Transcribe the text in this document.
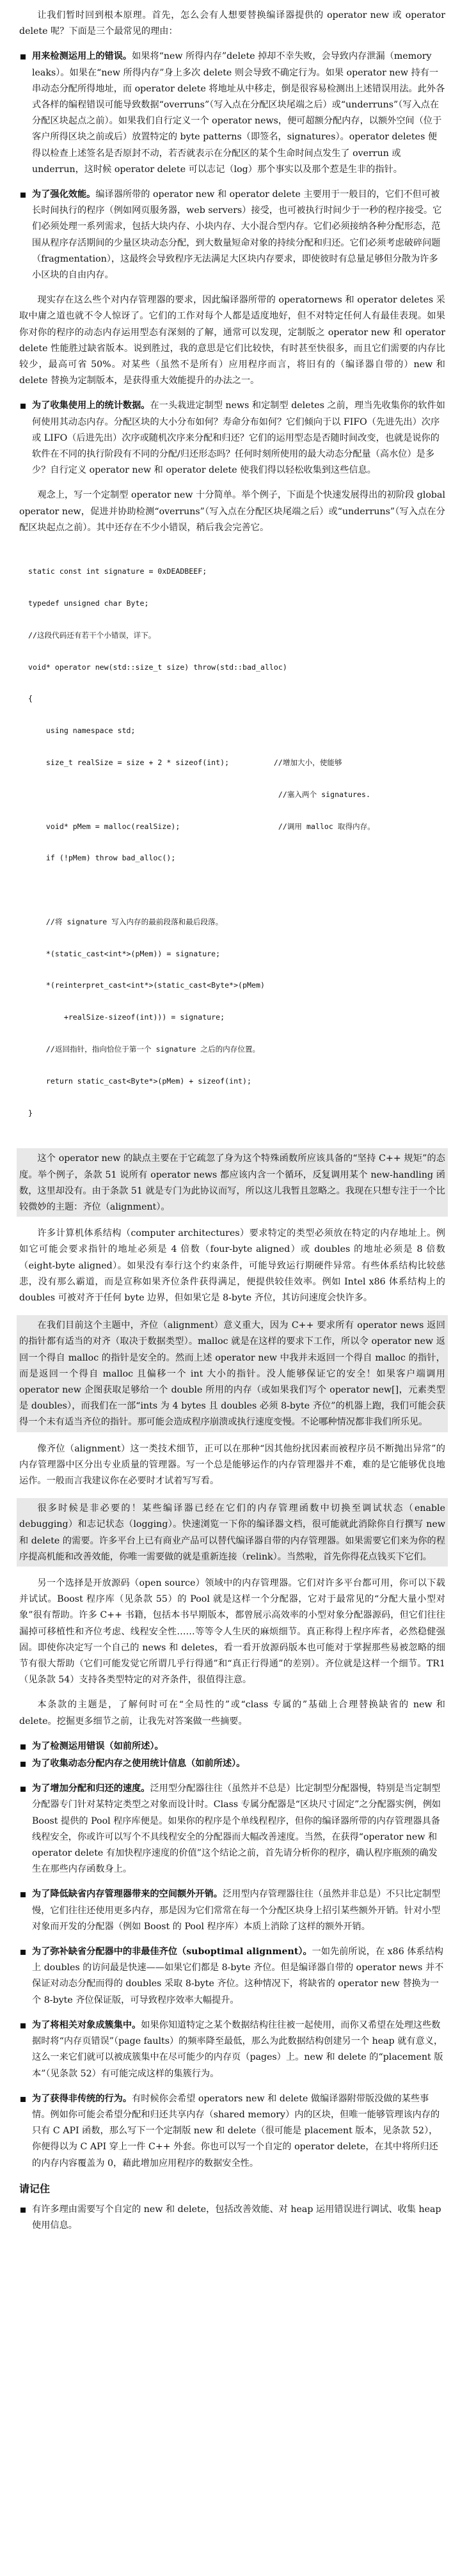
让我们暂时回到根本原理。首先，怎么会有人想要替换编译器提供的 operator new 或 operator delete 呢？下面是三个最常见的理由：

用来检测运用上的错误。如果将“new 所得内存”delete 掉却不幸失败，会导致内存泄漏（memory leaks）。如果在“new 所得内存”身上多次 delete 则会导致不确定行为。如果 operator new 持有一串动态分配所得地址，而 operator delete 将地址从中移走，倒是很容易检测出上述错误用法。此外各式各样的编程错误可能导致数据“overruns”（写入点在分配区块尾端之后）或“underruns”（写入点在分配区块起点之前）。如果我们自行定义一个 operator news，便可超额分配内存，以额外空间（位于客户所得区块之前或后）放置特定的 byte patterns（即签名，signatures）。operator deletes 便得以检查上述签名是否原封不动，若否就表示在分配区的某个生命时间点发生了 overrun 或 underrun，这时候 operator delete 可以志记（log）那个事实以及那个惹是生非的指针。
为了强化效能。编译器所带的 operator new 和 operator delete 主要用于一般目的，它们不但可被长时间执行的程序（例如网页服务器，web servers）接受，也可被执行时间少于一秒的程序接受。它们必须处理一系列需求，包括大块内存、小块内存、大小混合型内存。它们必须接纳各种分配形态，范围从程序存活期间的少量区块动态分配，到大数量短命对象的持续分配和归还。它们必须考虑破碎问题（fragmentation），这最终会导致程序无法满足大区块内存要求，即使彼时有总量足够但分散为许多小区块的自由内存。

现实存在这么些个对内存管理器的要求，因此编译器所带的 operatornews 和 operator deletes 采取中庸之道也就不令人惊讶了。它们的工作对每个人都是适度地好，但不对特定任何人有最佳表现。如果你对你的程序的动态内存运用型态有深刻的了解，通常可以发现，定制版之 operator new 和 operator delete 性能胜过缺省版本。说到胜过，我的意思是它们比较快，有时甚至快很多，而且它们需要的内存比较少，最高可省 50%。对某些（虽然不是所有）应用程序而言，将旧有的（编译器自带的）new 和 delete 替换为定制版本，是获得重大效能提升的办法之一。

为了收集使用上的统计数据。在一头栽进定制型 news 和定制型 deletes 之前，理当先收集你的软件如何使用其动态内存。分配区块的大小分布如何？寿命分布如何？它们倾向于以 FIFO（先进先出）次序或 LIFO（后进先出）次序或随机次序来分配和归还？它们的运用型态是否随时间改变，也就是说你的软件在不同的执行阶段有不同的分配/归还形态吗？任何时刻所使用的最大动态分配量（高水位）是多少？自行定义 operator new 和 operator delete 使我们得以轻松收集到这些信息。

观念上，写一个定制型 operator new 十分简单。举个例子，下面是个快速发展得出的初阶段 global operator new，促进并协助检测“overruns”（写入点在分配区块尾端之后）或“underruns”（写入点在分配区块起点之前）。其中还存在不少小错误，稍后我会完善它。

static const int signature = 0xDEADBEEF;

typedef unsigned char Byte;

//这段代码还有若干个小错误，详下。

void* operator new(std::size_t size) throw(std::bad_alloc)

{

using namespace std;

size_t realSize = size + 2 * sizeof(int);          //增加大小，使能够

//塞入两个 signatures.

void* pMem = malloc(realSize);                      //调用 malloc 取得内存。

if (!pMem) throw bad_alloc();

//将 signature 写入内存的最前段落和最后段落。

*(static_cast<int*>(pMem)) = signature;

*(reinterpret_cast<int*>(static_cast<Byte*>(pMem)

+realSize-sizeof(int))) = signature;

//返回指针，指向恰位于第一个 signature 之后的内存位置。

return static_cast<Byte*>(pMem) + sizeof(int);

}

这个 operator new 的缺点主要在于它疏忽了身为这个特殊函数所应该具备的“坚持 C++ 规矩”的态度。举个例子，条款 51 说所有 operator news 都应该内含一个循环，反复调用某个 new-handling 函数，这里却没有。由于条款 51 就是专门为此协议而写，所以这儿我暂且忽略之。我现在只想专注于一个比较微妙的主题：齐位（alignment）。

许多计算机体系结构（computer architectures）要求特定的类型必须放在特定的内存地址上。例如它可能会要求指针的地址必须是 4 倍数（four-byte aligned）或 doubles 的地址必须是 8 倍数（eight-byte aligned）。如果没有奉行这个约束条件，可能导致运行期硬件异常。有些体系结构比较慈悲，没有那么霸道，而是宣称如果齐位条件获得满足，便提供较佳效率。例如 Intel x86 体系结构上的 doubles 可被对齐于任何 byte 边界，但如果它是 8-byte 齐位，其访问速度会快许多。

在我们目前这个主题中，齐位（alignment）意义重大，因为 C++ 要求所有 operator news 返回的指针都有适当的对齐（取决于数据类型）。malloc 就是在这样的要求下工作，所以令 operator new 返回一个得自 malloc 的指针是安全的。然而上述 operator new 中我并未返回一个得自 malloc 的指针，而是返回一个得自 malloc 且偏移一个 int 大小的指针。没人能够保证它的安全！如果客户端调用 operator new 企图获取足够给一个 double 所用的内存（或如果我们写个 operator new[]，元素类型是 doubles），而我们在一部“ints 为 4 bytes 且 doubles 必须 8-byte 齐位”的机器上跑，我们可能会获得一个未有适当齐位的指针。那可能会造成程序崩溃或执行速度变慢。不论哪种情况都非我们所乐见。

像齐位（alignment）这一类技术细节，正可以在那种“因其他纷扰因素而被程序员不断抛出异常”的内存管理器中区分出专业质量的管理器。写一个总是能够运作的内存管理器并不难，难的是它能够优良地运作。一般而言我建议你在必要时才试着写写看。

很多时候是非必要的！某些编译器已经在它们的内存管理函数中切换至调试状态（enable debugging）和志记状态（logging）。快速浏览一下你的编译器文档，很可能就此消除你自行撰写 new 和 delete 的需要。许多平台上已有商业产品可以替代编译器自带的内存管理器。如果需要它们来为你的程序提高机能和改善效能，你唯一需要做的就是重新连接（relink）。当然啦，首先你得花点钱买下它们。

另一个选择是开放源码（open source）领域中的内存管理器。它们对许多平台都可用，你可以下载并试试。Boost 程序库（见条款 55）的 Pool 就是这样一个分配器，它对于最常见的“分配大量小型对象”很有帮助。许多 C++ 书籍，包括本书早期版本，都曾展示高效率的小型对象分配器源码，但它们往往漏掉可移植性和齐位考虑、线程安全性……等等令人生厌的麻烦细节。真正称得上程序库者，必然稳健强固。即使你决定写一个自己的 news 和 deletes，看一看开放源码版本也可能对于掌握那些易被忽略的细节有很大帮助（它们可能发觉它所谓几乎行得通”和“真正行得通”的差别）。齐位就是这样一个细节。TR1（见条款 54）支持各类型特定的对齐条件，很值得注意。

本条款的主题是，了解何时可在“全局性的”或“class 专属的”基础上合理替换缺省的 new 和 delete。挖掘更多细节之前，让我先对答案做一些摘要。

为了检测运用错误（如前所述）。
为了收集动态分配内存之使用统计信息（如前所述）。
为了增加分配和归还的速度。泛用型分配器往往（虽然并不总是）比定制型分配器慢，特别是当定制型分配器专门针对某特定类型之对象而设计时。Class 专属分配器是“区块尺寸固定”之分配器实例，例如 Boost 提供的 Pool 程序库便是。如果你的程序是个单线程程序，但你的编译器所带的内存管理器具备线程安全，你或许可以写个不具线程安全的分配器而大幅改善速度。当然，在获得“operator new 和 operator delete 有加快程序速度的价值”这个结论之前，首先请分析你的程序，确认程序瓶颈的确发生在那些内存函数身上。
为了降低缺省内存管理器带来的空间额外开销。泛用型内存管理器往往（虽然并非总是）不只比定制型慢，它们往往还使用更多内存，那是因为它们常常在每一个分配区块身上招引某些额外开销。针对小型对象而开发的分配器（例如 Boost 的 Pool 程序库）本质上消除了这样的额外开销。
为了弥补缺省分配器中的非最佳齐位（suboptimal alignment）。一如先前所说，在 x86 体系结构上 doubles 的访问最是快速——如果它们都是 8-byte 齐位。但是编译器自带的 operator news 并不保证对动态分配而得的 doubles 采取 8-byte 齐位。这种情况下，将缺省的 operator new 替换为一个 8-byte 齐位保证版，可导致程序效率大幅提升。
为了将相关对象成簇集中。如果你知道特定之某个数据结构往往被一起使用，而你又希望在处理这些数据时将“内存页错误”（page faults）的频率降至最低，那么为此数据结构创建另一个 heap 就有意义，这么一来它们就可以被成簇集中在尽可能少的内存页（pages）上。new 和 delete 的“placement 版本”（见条款 52）有可能完成这样的集簇行为。
为了获得非传统的行为。有时候你会希望 operators new 和 delete 做编译器附带版没做的某些事情。例如你可能会希望分配和归还共享内存（shared memory）内的区块，但唯一能够管理该内存的只有 C API 函数，那么写下一个定制版 new 和 delete（很可能是 placement 版本，见条款 52），你便得以为 C API 穿上一件 C++ 外套。你也可以写一个自定的 operator delete，在其中将所归还的内存内容覆盖为 0，藉此增加应用程序的数据安全性。
请记住
有许多理由需要写个自定的 new 和 delete，包括改善效能、对 heap 运用错误进行调试、收集 heap 使用信息。
